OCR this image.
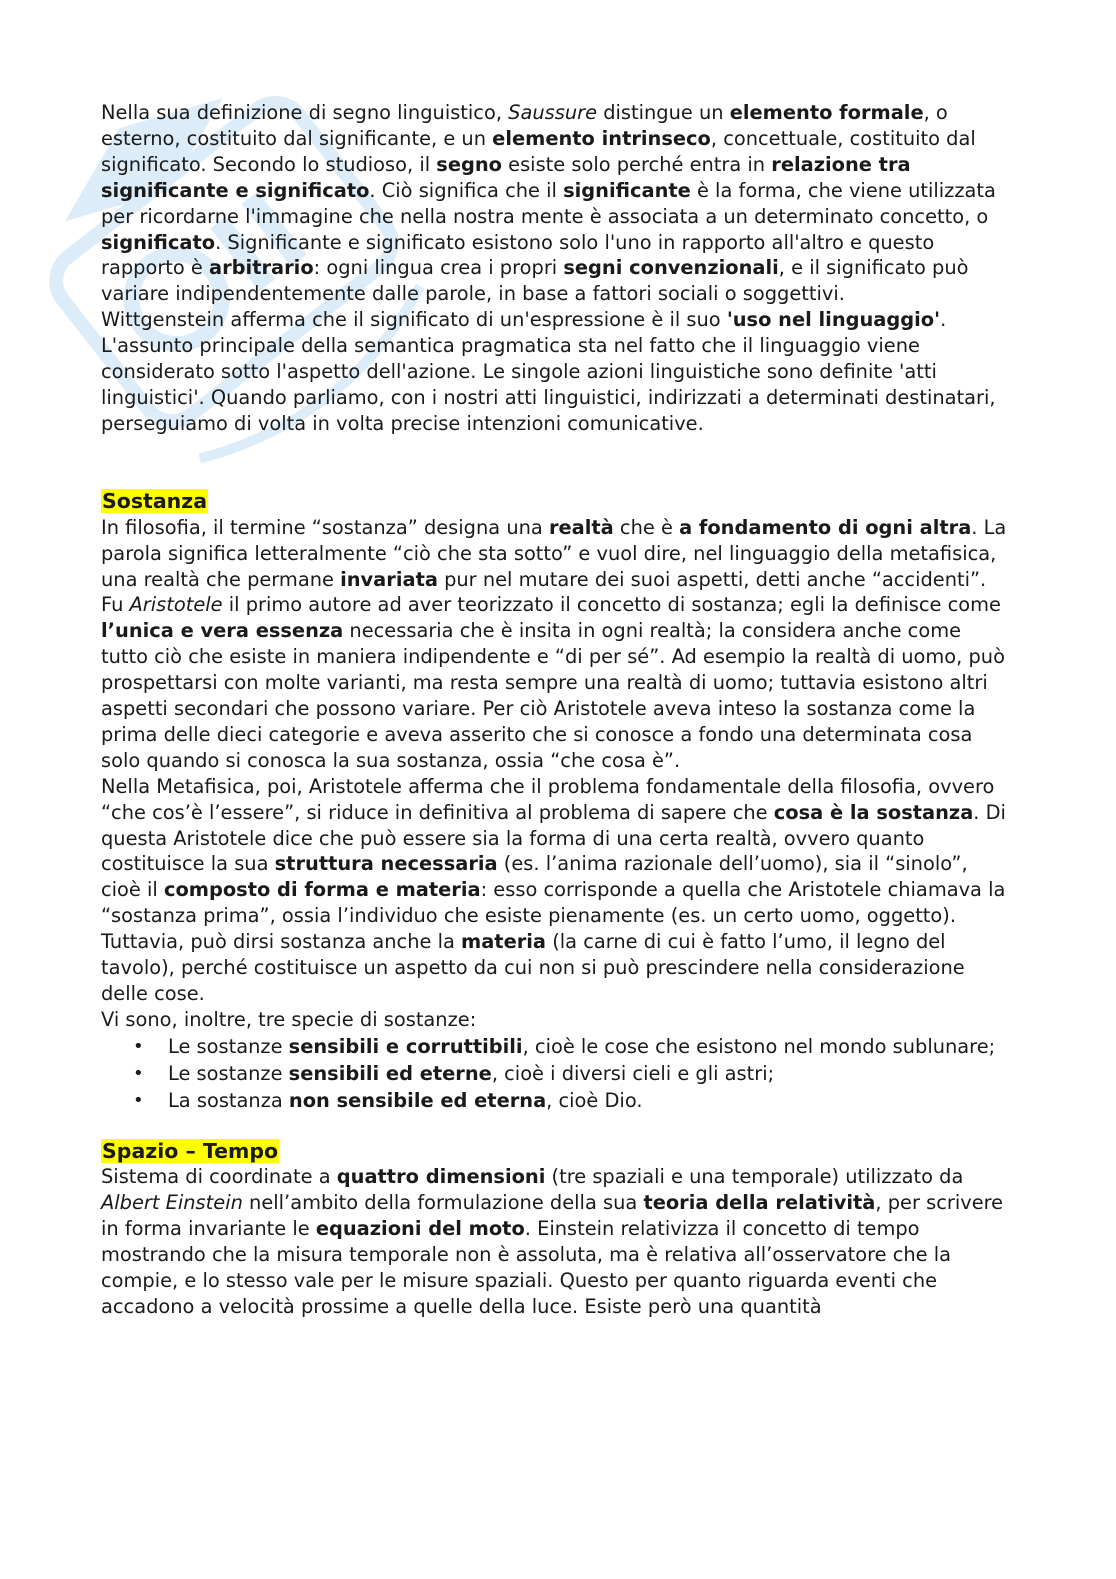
Nella sua definizione di segno linguistico, Saussure distingue un elemento formale, o esterno, costituito dal significante, e un elemento intrinseco, concettuale, costituito dal significato. Secondo lo studioso, il segno esiste solo perché entra in relazione tra significante e significato. Ciò significa che il significante è la forma, che viene utilizzata per ricordarne l'immagine che nella nostra mente è associata a un determinato concetto, o significato. Significante e significato esistono solo l'uno in rapporto all'altro e questo rapporto è arbitrario: ogni lingua crea i propri segni convenzionali, e il significato può variare indipendentemente dalle parole, in base a fattori sociali o soggettivi.

Wittgenstein afferma che il significato di un'espressione è il suo 'uso nel linguaggio'. L'assunto principale della semantica pragmatica sta nel fatto che il linguaggio viene considerato sotto l'aspetto dell'azione. Le singole azioni linguistiche sono definite 'atti linguistici'. Quando parliamo, con i nostri atti linguistici, indirizzati a determinati destinatari, perseguiamo di volta in volta precise intenzioni comunicative.

Sostanza

In filosofia, il termine “sostanza” designa una realtà che è a fondamento di ogni altra. La parola significa letteralmente “ciò che sta sotto” e vuol dire, nel linguaggio della metafisica, una realtà che permane invariata pur nel mutare dei suoi aspetti, detti anche “accidenti”.

Fu Aristotele il primo autore ad aver teorizzato il concetto di sostanza; egli la definisce come l’unica e vera essenza necessaria che è insita in ogni realtà; la considera anche come tutto ciò che esiste in maniera indipendente e “di per sé”. Ad esempio la realtà di uomo, può prospettarsi con molte varianti, ma resta sempre una realtà di uomo; tuttavia esistono altri aspetti secondari che possono variare. Per ciò Aristotele aveva inteso la sostanza come la prima delle dieci categorie e aveva asserito che si conosce a fondo una determinata cosa solo quando si conosca la sua sostanza, ossia “che cosa è”.

Nella Metafisica, poi, Aristotele afferma che il problema fondamentale della filosofia, ovvero “che cos’è l’essere”, si riduce in definitiva al problema di sapere che cosa è la sostanza. Di questa Aristotele dice che può essere sia la forma di una certa realtà, ovvero quanto costituisce la sua struttura necessaria (es. l’anima razionale dell’uomo), sia il “sinolo”, cioè il composto di forma e materia: esso corrisponde a quella che Aristotele chiamava la “sostanza prima”, ossia l’individuo che esiste pienamente (es. un certo uomo, oggetto). Tuttavia, può dirsi sostanza anche la materia (la carne di cui è fatto l’umo, il legno del tavolo), perché costituisce un aspetto da cui non si può prescindere nella considerazione delle cose.

Vi sono, inoltre, tre specie di sostanze:

• Le sostanze sensibili e corruttibili, cioè le cose che esistono nel mondo sublunare;
• Le sostanze sensibili ed eterne, cioè i diversi cieli e gli astri;
• La sostanza non sensibile ed eterna, cioè Dio.

Spazio – Tempo

Sistema di coordinate a quattro dimensioni (tre spaziali e una temporale) utilizzato da

Albert Einstein nell’ambito della formulazione della sua teoria della relatività, per scrivere in forma invariante le equazioni del moto. Einstein relativizza il concetto di tempo mostrando che la misura temporale non è assoluta, ma è relativa all’osservatore che la compie, e lo stesso vale per le misure spaziali. Questo per quanto riguarda eventi che accadono a velocità prossime a quelle della luce. Esiste però una quantità
